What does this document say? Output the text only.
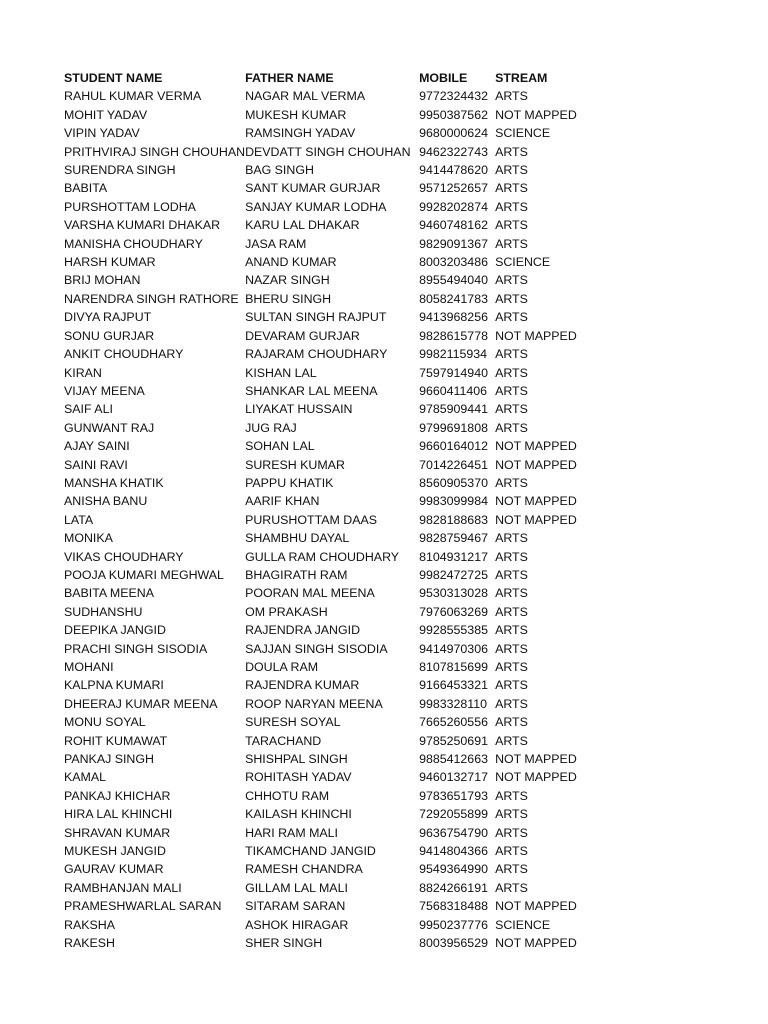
STUDENT NAME	FATHER NAME	MOBILE	STREAM
RAHUL KUMAR VERMA	NAGAR MAL VERMA	9772324432	ARTS
MOHIT YADAV	MUKESH KUMAR	9950387562	NOT MAPPED
VIPIN YADAV	RAMSINGH YADAV	9680000624	SCIENCE
PRITHVIRAJ SINGH CHOUHAN	DEVDATT SINGH CHOUHAN	9462322743	ARTS
SURENDRA SINGH	BAG SINGH	9414478620	ARTS
BABITA	SANT KUMAR GURJAR	9571252657	ARTS
PURSHOTTAM LODHA	SANJAY KUMAR LODHA	9928202874	ARTS
VARSHA KUMARI DHAKAR	KARU LAL DHAKAR	9460748162	ARTS
MANISHA CHOUDHARY	JASA RAM	9829091367	ARTS
HARSH KUMAR	ANAND KUMAR	8003203486	SCIENCE
BRIJ MOHAN	NAZAR SINGH	8955494040	ARTS
NARENDRA SINGH RATHORE	BHERU SINGH	8058241783	ARTS
DIVYA RAJPUT	SULTAN SINGH RAJPUT	9413968256	ARTS
SONU GURJAR	DEVARAM GURJAR	9828615778	NOT MAPPED
ANKIT CHOUDHARY	RAJARAM CHOUDHARY	9982115934	ARTS
KIRAN	KISHAN LAL	7597914940	ARTS
VIJAY MEENA	SHANKAR LAL MEENA	9660411406	ARTS
SAIF ALI	LIYAKAT HUSSAIN	9785909441	ARTS
GUNWANT RAJ	JUG RAJ	9799691808	ARTS
AJAY SAINI	SOHAN LAL	9660164012	NOT MAPPED
SAINI RAVI	SURESH KUMAR	7014226451	NOT MAPPED
MANSHA KHATIK	PAPPU KHATIK	8560905370	ARTS
ANISHA BANU	AARIF KHAN	9983099984	NOT MAPPED
LATA	PURUSHOTTAM DAAS	9828188683	NOT MAPPED
MONIKA	SHAMBHU DAYAL	9828759467	ARTS
VIKAS CHOUDHARY	GULLA RAM CHOUDHARY	8104931217	ARTS
POOJA KUMARI MEGHWAL	BHAGIRATH RAM	9982472725	ARTS
BABITA MEENA	POORAN MAL MEENA	9530313028	ARTS
SUDHANSHU	OM PRAKASH	7976063269	ARTS
DEEPIKA JANGID	RAJENDRA JANGID	9928555385	ARTS
PRACHI SINGH SISODIA	SAJJAN SINGH SISODIA	9414970306	ARTS
MOHANI	DOULA RAM	8107815699	ARTS
KALPNA KUMARI	RAJENDRA KUMAR	9166453321	ARTS
DHEERAJ KUMAR MEENA	ROOP NARYAN MEENA	9983328110	ARTS
MONU SOYAL	SURESH SOYAL	7665260556	ARTS
ROHIT KUMAWAT	TARACHAND	9785250691	ARTS
PANKAJ SINGH	SHISHPAL SINGH	9885412663	NOT MAPPED
KAMAL	ROHITASH YADAV	9460132717	NOT MAPPED
PANKAJ KHICHAR	CHHOTU RAM	9783651793	ARTS
HIRA LAL KHINCHI	KAILASH KHINCHI	7292055899	ARTS
SHRAVAN KUMAR	HARI RAM MALI	9636754790	ARTS
MUKESH JANGID	TIKAMCHAND JANGID	9414804366	ARTS
GAURAV KUMAR	RAMESH CHANDRA	9549364990	ARTS
RAMBHANJAN MALI	GILLAM LAL MALI	8824266191	ARTS
PRAMESHWARLAL SARAN	SITARAM SARAN	7568318488	NOT MAPPED
RAKSHA	ASHOK HIRAGAR	9950237776	SCIENCE
RAKESH	SHER SINGH	8003956529	NOT MAPPED
